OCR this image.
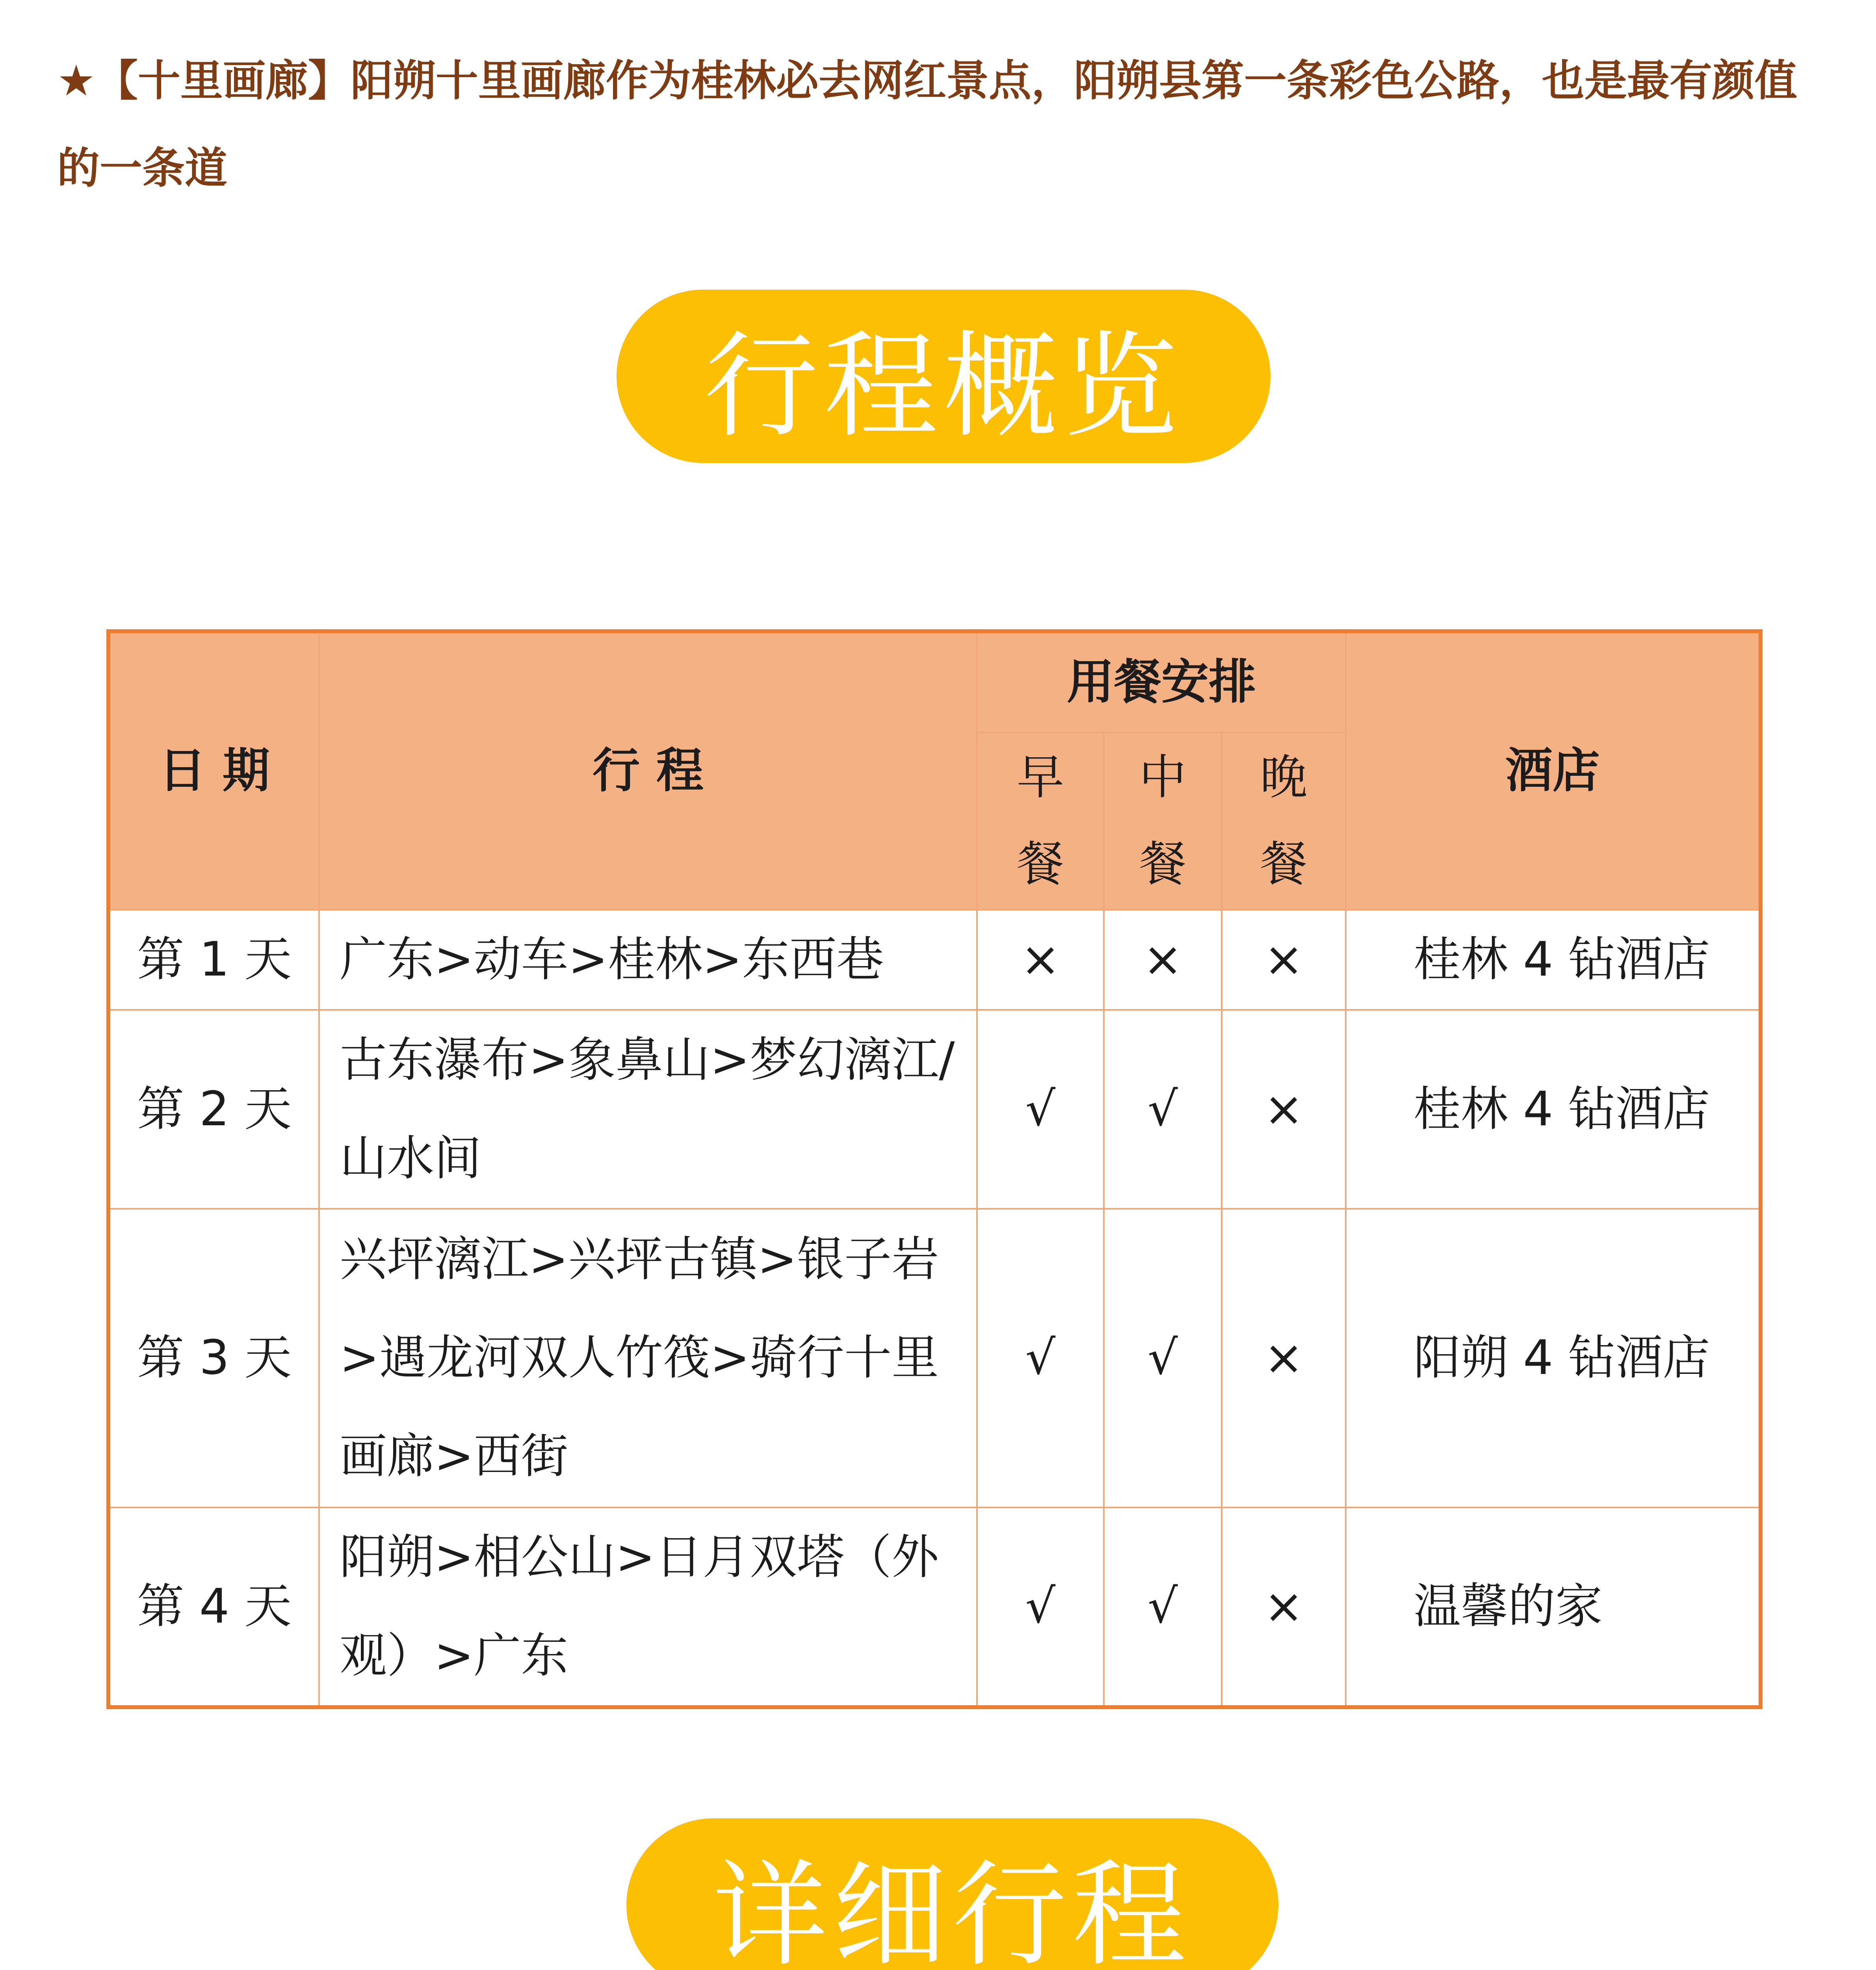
★【十里画廊】阳朔十里画廊作为桂林必去网红景点，阳朔县第一条彩色公路，也是最有颜值的一条道
行程概览
日 期	行 程	用餐安排			酒店
		早餐	中餐	晚餐	
第 1 天	广东>动车>桂林>东西巷	×	×	×	桂林 4 钻酒店
第 2 天	古东瀑布>象鼻山>梦幻漓江/山水间	√	√	×	桂林 4 钻酒店
第 3 天	兴坪漓江>兴坪古镇>银子岩>遇龙河双人竹筏>骑行十里画廊>西街	√	√	×	阳朔 4 钻酒店
第 4 天	阳朔>相公山>日月双塔（外观）>广东	√	√	×	温馨的家
详细行程
